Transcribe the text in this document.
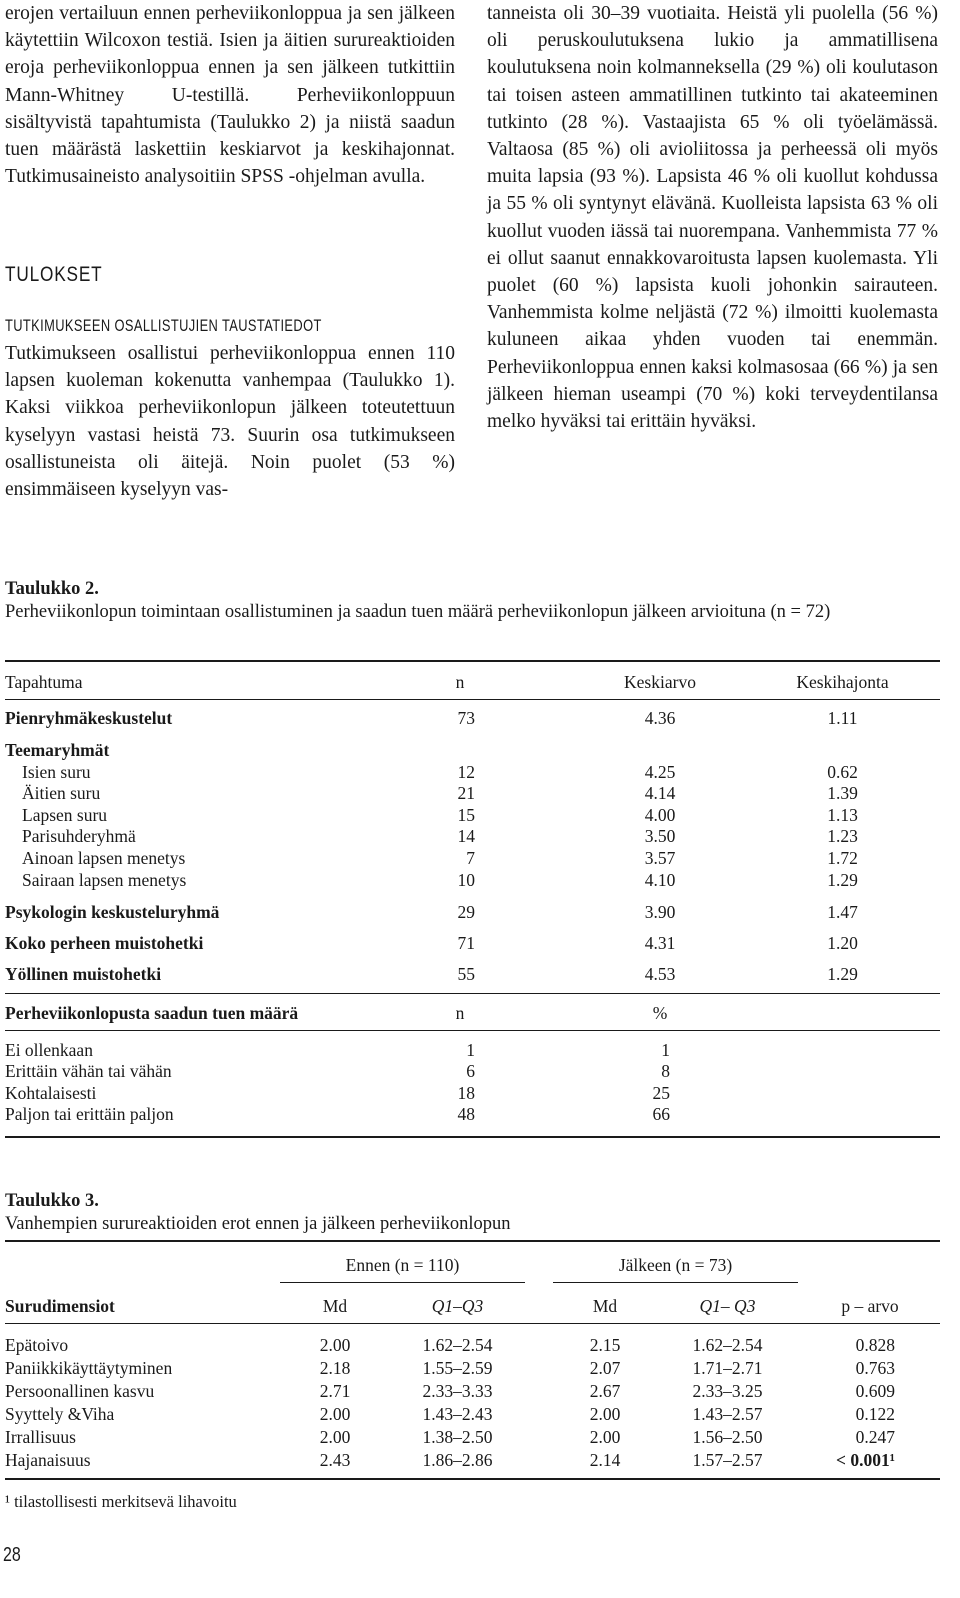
erojen vertailuun ennen perheviikonloppua ja sen jälkeen käytettiin Wilcoxon testiä. Isien ja äitien surureaktioiden eroja perheviikonloppua ennen ja sen jälkeen tutkittiin Mann-Whitney U-testillä. Perheviikonloppuun sisältyvistä tapahtumista (Taulukko 2) ja niistä saadun tuen määrästä laskettiin keskiarvot ja keskihajonnat. Tutkimusaineisto analysoitiin SPSS -ohjelman avulla.

TULOKSET
TUTKIMUKSEEN OSALLISTUJIEN TAUSTATIEDOT

Tutkimukseen osallistui perheviikonloppua ennen 110 lapsen kuoleman kokenutta vanhempaa (Taulukko 1). Kaksi viikkoa perheviikonlopun jälkeen toteutettuun kyselyyn vastasi heistä 73. Suurin osa tutkimukseen osallistuneista oli äitejä. Noin puolet (53 %) ensimmäiseen kyselyyn vas-

tanneista oli 30–39 vuotiaita. Heistä yli puolella (56 %) oli peruskoulutuksena lukio ja ammatillisena koulutuksena noin kolmanneksella (29 %) oli koulutason tai toisen asteen ammatillinen tutkinto tai akateeminen tutkinto (28 %). Vastaajista 65 % oli työelämässä. Valtaosa (85 %) oli avioliitossa ja perheessä oli myös muita lapsia (93 %). Lapsista 46 % oli kuollut kohdussa ja 55 % oli syntynyt elävänä. Kuolleista lapsista 63 % oli kuollut vuoden iässä tai nuorempana. Vanhemmista 77 % ei ollut saanut ennakkovaroitusta lapsen kuolemasta. Yli puolet (60 %) lapsista kuoli johonkin sairauteen. Vanhemmista kolme neljästä (72 %) ilmoitti kuolemasta kuluneen aikaa yhden vuoden tai enemmän. Perheviikonloppua ennen kaksi kolmasosaa (66 %) ja sen jälkeen hieman useampi (70 %) koki terveydentilansa melko hyväksi tai erittäin hyväksi.

Taulukko 2.
Perheviikonlopun toimintaan osallistuminen ja saadun tuen määrä perheviikonlopun jälkeen arvioituna (n = 72)
Tapahtuma	n	Keskiarvo	Keskihajonta
Pienryhmäkeskustelut	73	4.36	1.11
Teemaryhmät
Isien suru	12	4.25	0.62
Äitien suru	21	4.14	1.39
Lapsen suru	15	4.00	1.13
Parisuhderyhmä	14	3.50	1.23
Ainoan lapsen menetys	7	3.57	1.72
Sairaan lapsen menetys	10	4.10	1.29
Psykologin keskusteluryhmä	29	3.90	1.47
Koko perheen muistohetki	71	4.31	1.20
Yöllinen muistohetki	55	4.53	1.29
Perheviikonlopusta saadun tuen määrä	n	%
Ei ollenkaan	1	1
Erittäin vähän tai vähän	6	8
Kohtalaisesti	18	25
Paljon tai erittäin paljon	48	66
Taulukko 3.
Vanhempien surureaktioiden erot ennen ja jälkeen perheviikonlopun
Ennen (n = 110)	Jälkeen (n = 73)
Surudimensiot	Md	Q1–Q3	Md	Q1– Q3	p – arvo
Epätoivo	2.00	1.62–2.54	2.15	1.62–2.54	0.828
Paniikkikäyttäytyminen	2.18	1.55–2.59	2.07	1.71–2.71	0.763
Persoonallinen kasvu	2.71	2.33–3.33	2.67	2.33–3.25	0.609
Syyttely &Viha	2.00	1.43–2.43	2.00	1.43–2.57	0.122
Irrallisuus	2.00	1.38–2.50	2.00	1.56–2.50	0.247
Hajanaisuus	2.43	1.86–2.86	2.14	1.57–2.57	< 0.001¹
¹ tilastollisesti merkitsevä lihavoitu
28
